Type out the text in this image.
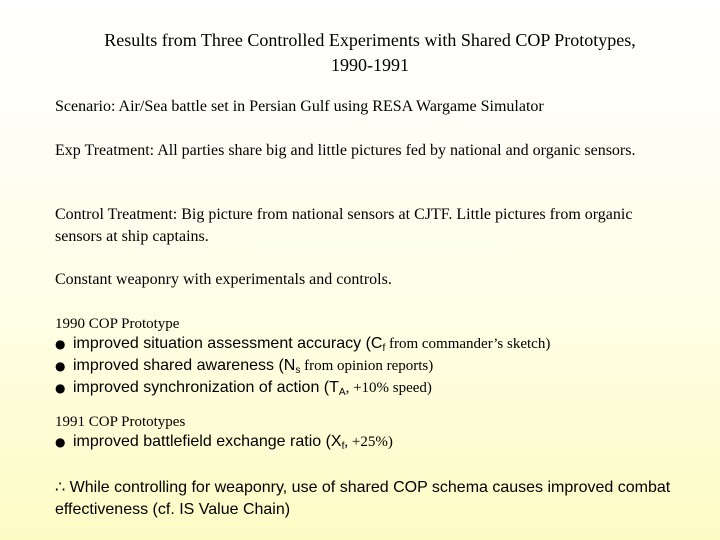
Results from Three Controlled Experiments with Shared COP Prototypes,
1990-1991
Scenario: Air/Sea battle set in Persian Gulf using RESA Wargame Simulator
Exp Treatment: All parties share big and little pictures fed by national and organic sensors.
Control Treatment: Big picture from national sensors at CJTF. Little pictures from organic sensors at ship captains.
Constant weaponry with experimentals and controls.
1990 COP Prototype
● improved situation assessment accuracy ($C_f$ from commander’s sketch)
● improved shared awareness ($N_s$ from opinion reports)
● improved synchronization of action ($T_A$, +10% speed)
1991 COP Prototypes
● improved battlefield exchange ratio ($X_f$, +25%)
∴ While controlling for weaponry, use of shared COP schema causes improved combat effectiveness (cf. IS Value Chain)
